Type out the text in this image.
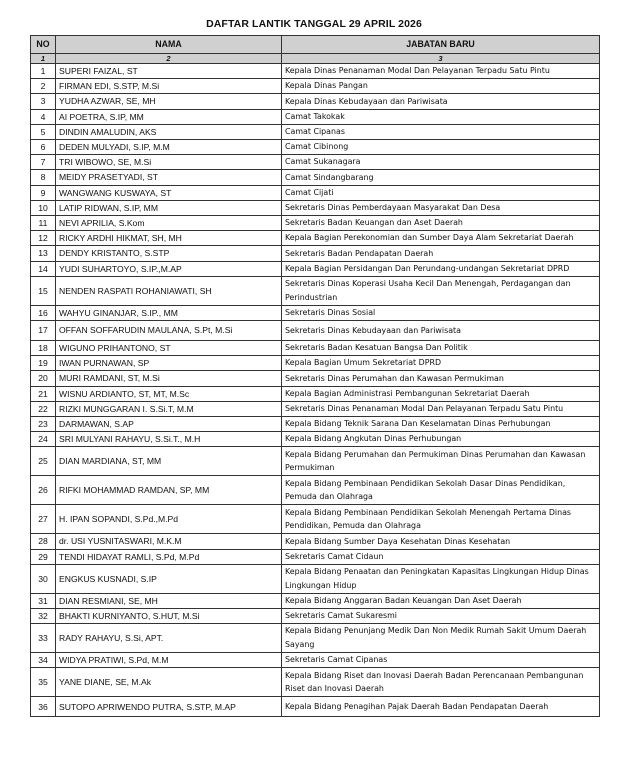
DAFTAR LANTIK TANGGAL 29 APRIL 2026
NO	NAMA	JABATAN BARU
1	2	3
1	SUPERI FAIZAL, ST	Kepala Dinas Penanaman Modal Dan Pelayanan Terpadu Satu Pintu
2	FIRMAN EDI, S.STP, M.Si	Kepala Dinas Pangan
3	YUDHA AZWAR, SE, MH	Kepala Dinas Kebudayaan dan Pariwisata
4	AI POETRA, S.IP, MM	Camat Takokak
5	DINDIN AMALUDIN, AKS	Camat Cipanas
6	DEDEN MULYADI, S.IP, M.M	Camat Cibinong
7	TRI WIBOWO, SE, M.Si	Camat Sukanagara
8	MEIDY PRASETYADI, ST	Camat Sindangbarang
9	WANGWANG KUSWAYA, ST	Camat Cijati
10	LATIP RIDWAN, S.IP, MM	Sekretaris Dinas Pemberdayaan Masyarakat Dan Desa
11	NEVI APRILIA, S.Kom	Sekretaris Badan Keuangan dan Aset Daerah
12	RICKY ARDHI HIKMAT, SH, MH	Kepala Bagian Perekonomian dan Sumber Daya Alam Sekretariat Daerah
13	DENDY KRISTANTO, S.STP	Sekretaris Badan Pendapatan Daerah
14	YUDI SUHARTOYO, S.IP.,M.AP	Kepala Bagian Persidangan Dan Perundang-undangan Sekretariat DPRD
15	NENDEN RASPATI ROHANIAWATI, SH	Sekretaris Dinas Koperasi Usaha Kecil Dan Menengah, Perdagangan dan Perindustrian
16	WAHYU GINANJAR, S.IP., MM	Sekretaris Dinas Sosial
17	OFFAN SOFFARUDIN MAULANA, S.Pt, M.Si	Sekretaris Dinas Kebudayaan dan Pariwisata
18	WIGUNO PRIHANTONO, ST	Sekretaris Badan Kesatuan Bangsa Dan Politik
19	IWAN PURNAWAN, SP	Kepala Bagian Umum Sekretariat DPRD
20	MURI RAMDANI, ST, M.Si	Sekretaris Dinas Perumahan dan Kawasan Permukiman
21	WISNU ARDIANTO, ST, MT, M.Sc	Kepala Bagian Administrasi Pembangunan Sekretariat Daerah
22	RIZKI MUNGGARAN I. S.Si.T, M.M	Sekretaris Dinas Penanaman Modal Dan Pelayanan Terpadu Satu Pintu
23	DARMAWAN, S.AP	Kepala Bidang Teknik Sarana Dan Keselamatan Dinas Perhubungan
24	SRI MULYANI RAHAYU, S.Si.T., M.H	Kepala Bidang Angkutan Dinas Perhubungan
25	DIAN MARDIANA, ST, MM	Kepala Bidang Perumahan dan Permukiman Dinas Perumahan dan Kawasan Permukiman
26	RIFKI MOHAMMAD RAMDAN, SP, MM	Kepala Bidang Pembinaan Pendidikan Sekolah Dasar Dinas Pendidikan, Pemuda dan Olahraga
27	H. IPAN SOPANDI, S.Pd.,M.Pd	Kepala Bidang Pembinaan Pendidikan Sekolah Menengah Pertama Dinas Pendidikan, Pemuda dan Olahraga
28	dr. USI YUSNITASWARI, M.K.M	Kepala Bidang Sumber Daya Kesehatan Dinas Kesehatan
29	TENDI HIDAYAT RAMLI, S.Pd, M.Pd	Sekretaris Camat Cidaun
30	ENGKUS KUSNADI, S.IP	Kepala Bidang Penaatan dan Peningkatan Kapasitas Lingkungan Hidup Dinas Lingkungan Hidup
31	DIAN RESMIANI, SE, MH	Kepala Bidang Anggaran Badan Keuangan Dan Aset Daerah
32	BHAKTI KURNIYANTO, S.HUT, M.Si	Sekretaris Camat Sukaresmi
33	RADY RAHAYU, S.Si, APT.	Kepala Bidang Penunjang Medik Dan Non Medik Rumah Sakit Umum Daerah Sayang
34	WIDYA PRATIWI, S.Pd, M.M	Sekretaris Camat Cipanas
35	YANE DIANE, SE, M.Ak	Kepala Bidang Riset dan Inovasi Daerah Badan Perencanaan Pembangunan Riset dan Inovasi Daerah
36	SUTOPO APRIWENDO PUTRA, S.STP, M.AP	Kepala Bidang Penagihan Pajak Daerah Badan Pendapatan Daerah
